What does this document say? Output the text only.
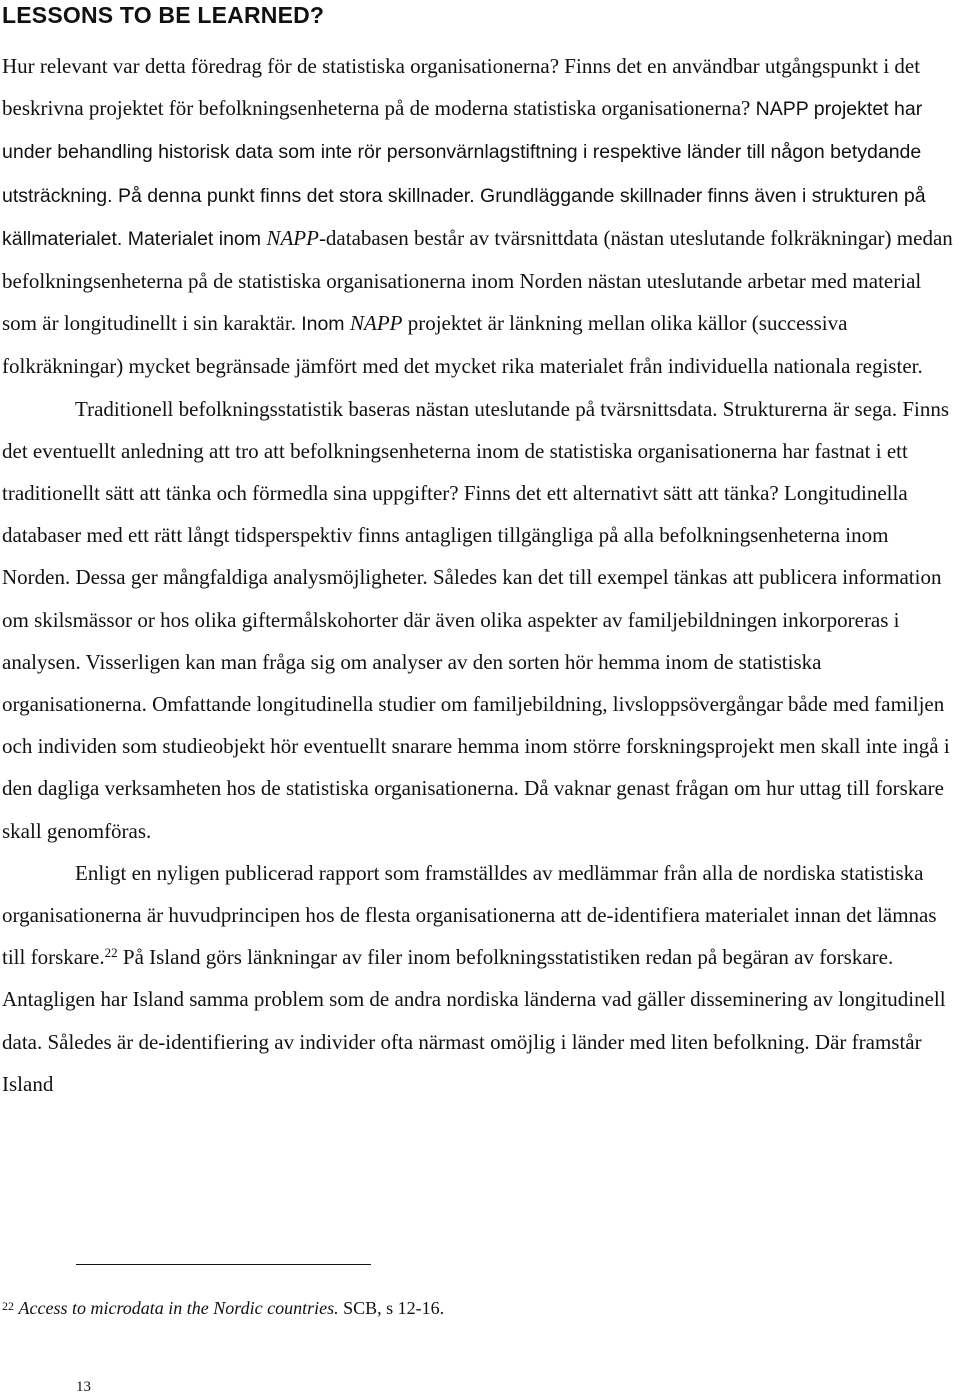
LESSONS TO BE LEARNED?

Hur relevant var detta föredrag för de statistiska organisationerna? Finns det en användbar utgångspunkt i det beskrivna projektet för befolkningsenheterna på de moderna statistiska organisationerna? NAPP projektet har under behandling historisk data som inte rör personvärnlagstiftning i respektive länder till någon betydande utsträckning. På denna punkt finns det stora skillnader. Grundläggande skillnader finns även i strukturen på källmaterialet. Materialet inom NAPP-databasen består av tvärsnittdata (nästan uteslutande folkräkningar) medan befolkningsenheterna på de statistiska organisationerna inom Norden nästan uteslutande arbetar med material som är longitudinellt i sin karaktär. Inom NAPP projektet är länkning mellan olika källor (successiva folkräkningar) mycket begränsade jämfört med det mycket rika materialet från individuella nationala register.

Traditionell befolkningsstatistik baseras nästan uteslutande på tvärsnittsdata. Strukturerna är sega. Finns det eventuellt anledning att tro att befolkningsenheterna inom de statistiska organisationerna har fastnat i ett traditionellt sätt att tänka och förmedla sina uppgifter? Finns det ett alternativt sätt att tänka? Longitudinella databaser med ett rätt långt tidsperspektiv finns antagligen tillgängliga på alla befolkningsenheterna inom Norden. Dessa ger mångfaldiga analysmöjligheter. Således kan det till exempel tänkas att publicera information om skilsmässor or hos olika giftermålskohorter där även olika aspekter av familjebildningen inkorporeras i analysen. Visserligen kan man fråga sig om analyser av den sorten hör hemma inom de statistiska organisationerna. Omfattande longitudinella studier om familjebildning, livsloppsövergångar både med familjen och individen som studieobjekt hör eventuellt snarare hemma inom större forskningsprojekt men skall inte ingå i den dagliga verksamheten hos de statistiska organisationerna. Då vaknar genast frågan om hur uttag till forskare skall genomföras.

Enligt en nyligen publicerad rapport som framställdes av medlämmar från alla de nordiska statistiska organisationerna är huvudprincipen hos de flesta organisationerna att de-identifiera materialet innan det lämnas till forskare.$^{22}$ På Island görs länkningar av filer inom befolkningsstatistiken redan på begäran av forskare. Antagligen har Island samma problem som de andra nordiska länderna vad gäller disseminering av longitudinell data. Således är de-identifiering av individer ofta närmast omöjlig i länder med liten befolkning. Där framstår Island

$^{22}$ Access to microdata in the Nordic countries. SCB, s 12-16.

13
